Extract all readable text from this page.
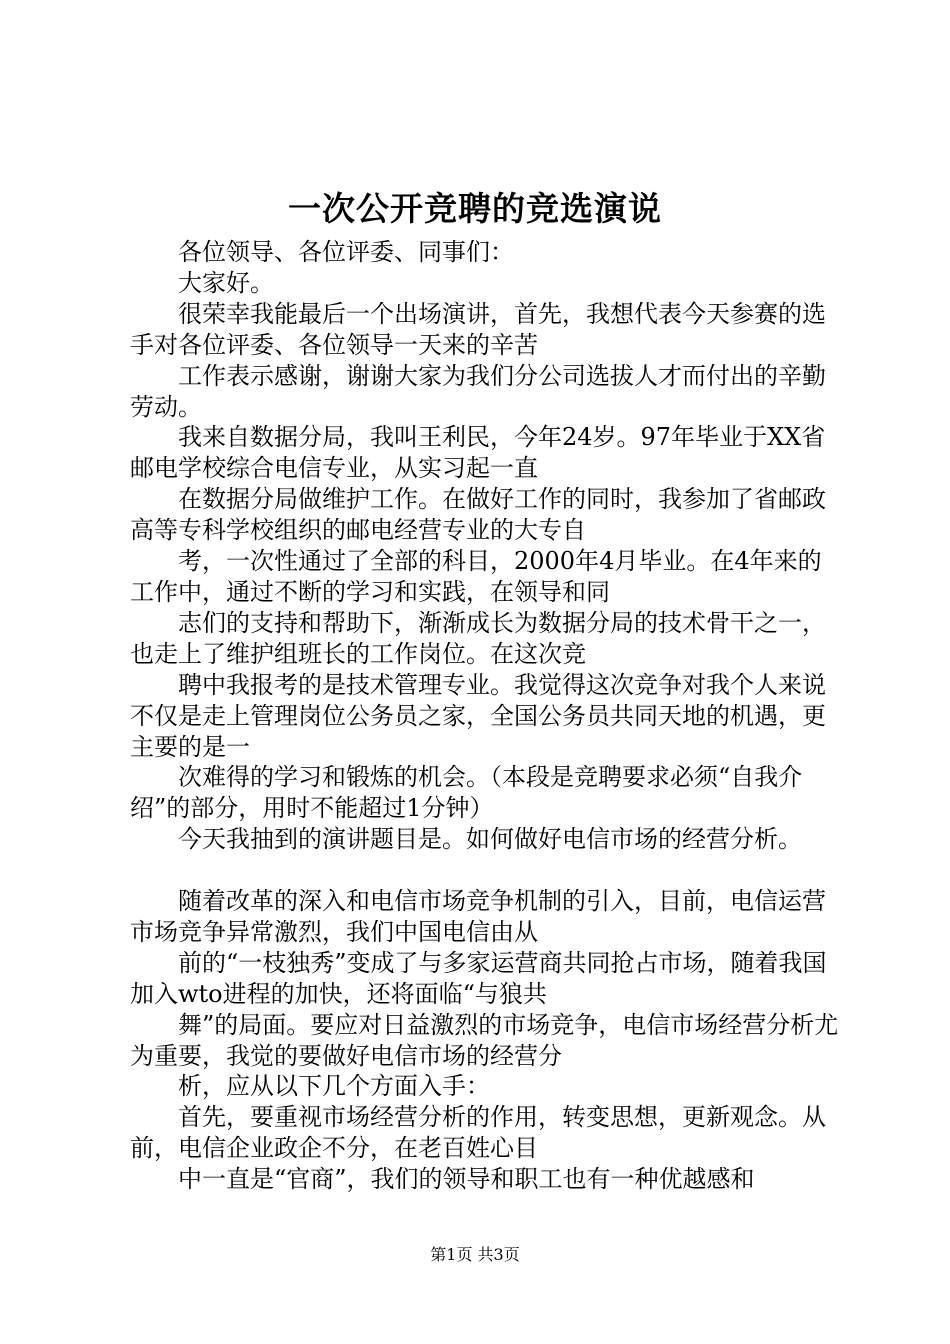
一次公开竞聘的竞选演说

各位领导、各位评委、同事们：

大家好。

很荣幸我能最后一个出场演讲，首先，我想代表今天参赛的选手对各位评委、各位领导一天来的辛苦

工作表示感谢，谢谢大家为我们分公司选拔人才而付出的辛勤劳动。

我来自数据分局，我叫王利民，今年24岁。97年毕业于XX省邮电学校综合电信专业，从实习起一直

在数据分局做维护工作。在做好工作的同时，我参加了省邮政高等专科学校组织的邮电经营专业的大专自

考，一次性通过了全部的科目，2000年4月毕业。在4年来的工作中，通过不断的学习和实践，在领导和同

志们的支持和帮助下，渐渐成长为数据分局的技术骨干之一，也走上了维护组班长的工作岗位。在这次竞

聘中我报考的是技术管理专业。我觉得这次竞争对我个人来说不仅是走上管理岗位公务员之家，全国公务员共同天地的机遇，更主要的是一

次难得的学习和锻炼的机会。（本段是竞聘要求必须“自我介绍”的部分，用时不能超过1分钟）

今天我抽到的演讲题目是。如何做好电信市场的经营分析。

随着改革的深入和电信市场竞争机制的引入，目前，电信运营市场竞争异常激烈，我们中国电信由从

前的“一枝独秀”变成了与多家运营商共同抢占市场，随着我国加入wto进程的加快，还将面临“与狼共

舞”的局面。要应对日益激烈的市场竞争，电信市场经营分析尤为重要，我觉的要做好电信市场的经营分

析，应从以下几个方面入手：

首先，要重视市场经营分析的作用，转变思想，更新观念。从前，电信企业政企不分，在老百姓心目

中一直是“官商”，我们的领导和职工也有一种优越感和

第1页 共3页
